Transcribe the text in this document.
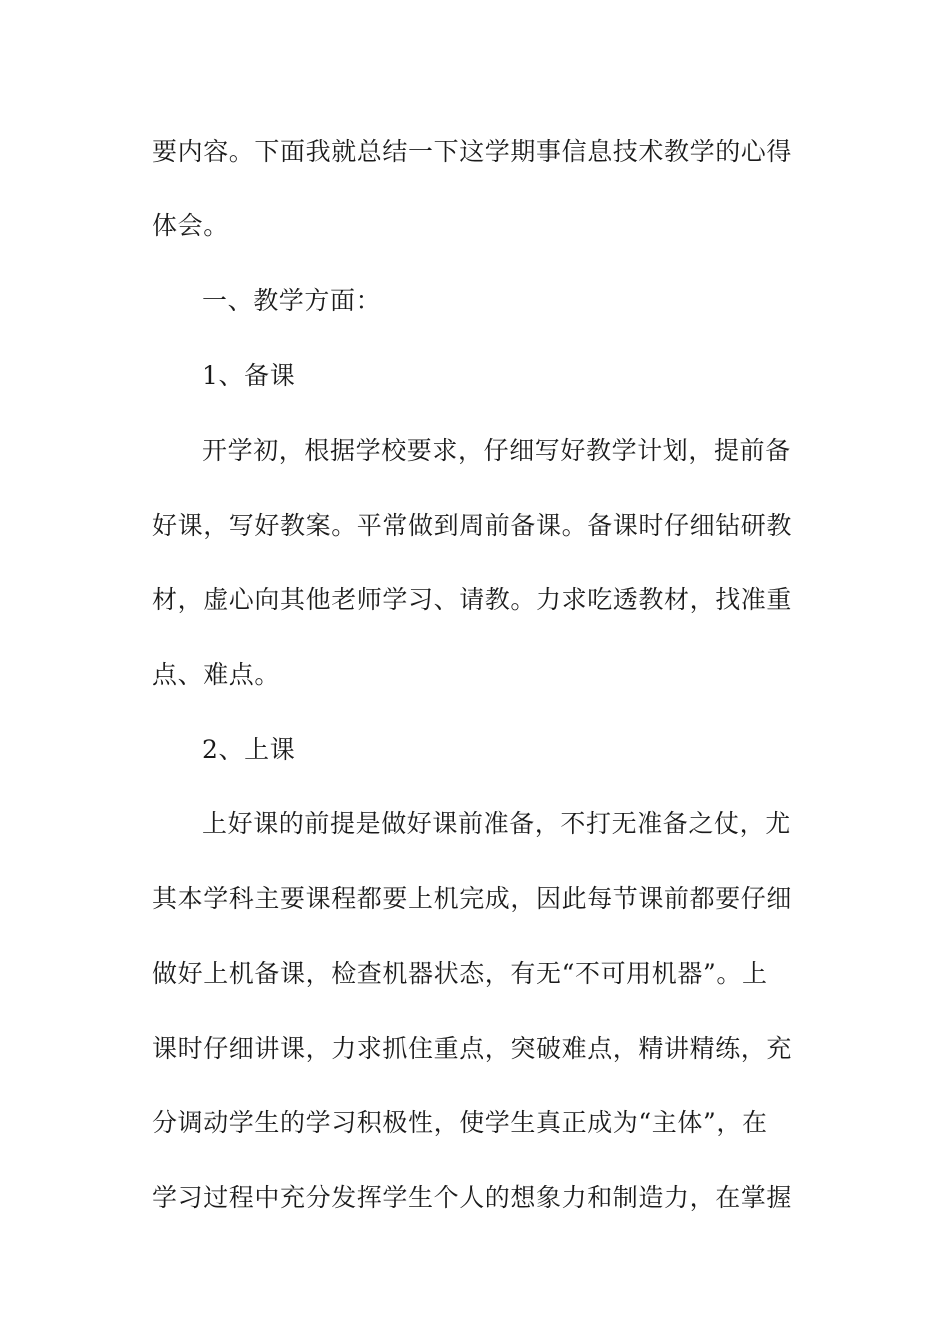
要内容。下面我就总结一下这学期事信息技术教学的心得
体会。
一、教学方面：
1、备课
开学初，根据学校要求，仔细写好教学计划，提前备
好课，写好教案。平常做到周前备课。备课时仔细钻研教
材，虚心向其他老师学习、请教。力求吃透教材，找准重
点、难点。
2、上课
上好课的前提是做好课前准备，不打无准备之仗，尤
其本学科主要课程都要上机完成，因此每节课前都要仔细
做好上机备课，检查机器状态，有无“不可用机器”。上
课时仔细讲课，力求抓住重点，突破难点，精讲精练，充
分调动学生的学习积极性，使学生真正成为“主体”，在
学习过程中充分发挥学生个人的想象力和制造力，在掌握
